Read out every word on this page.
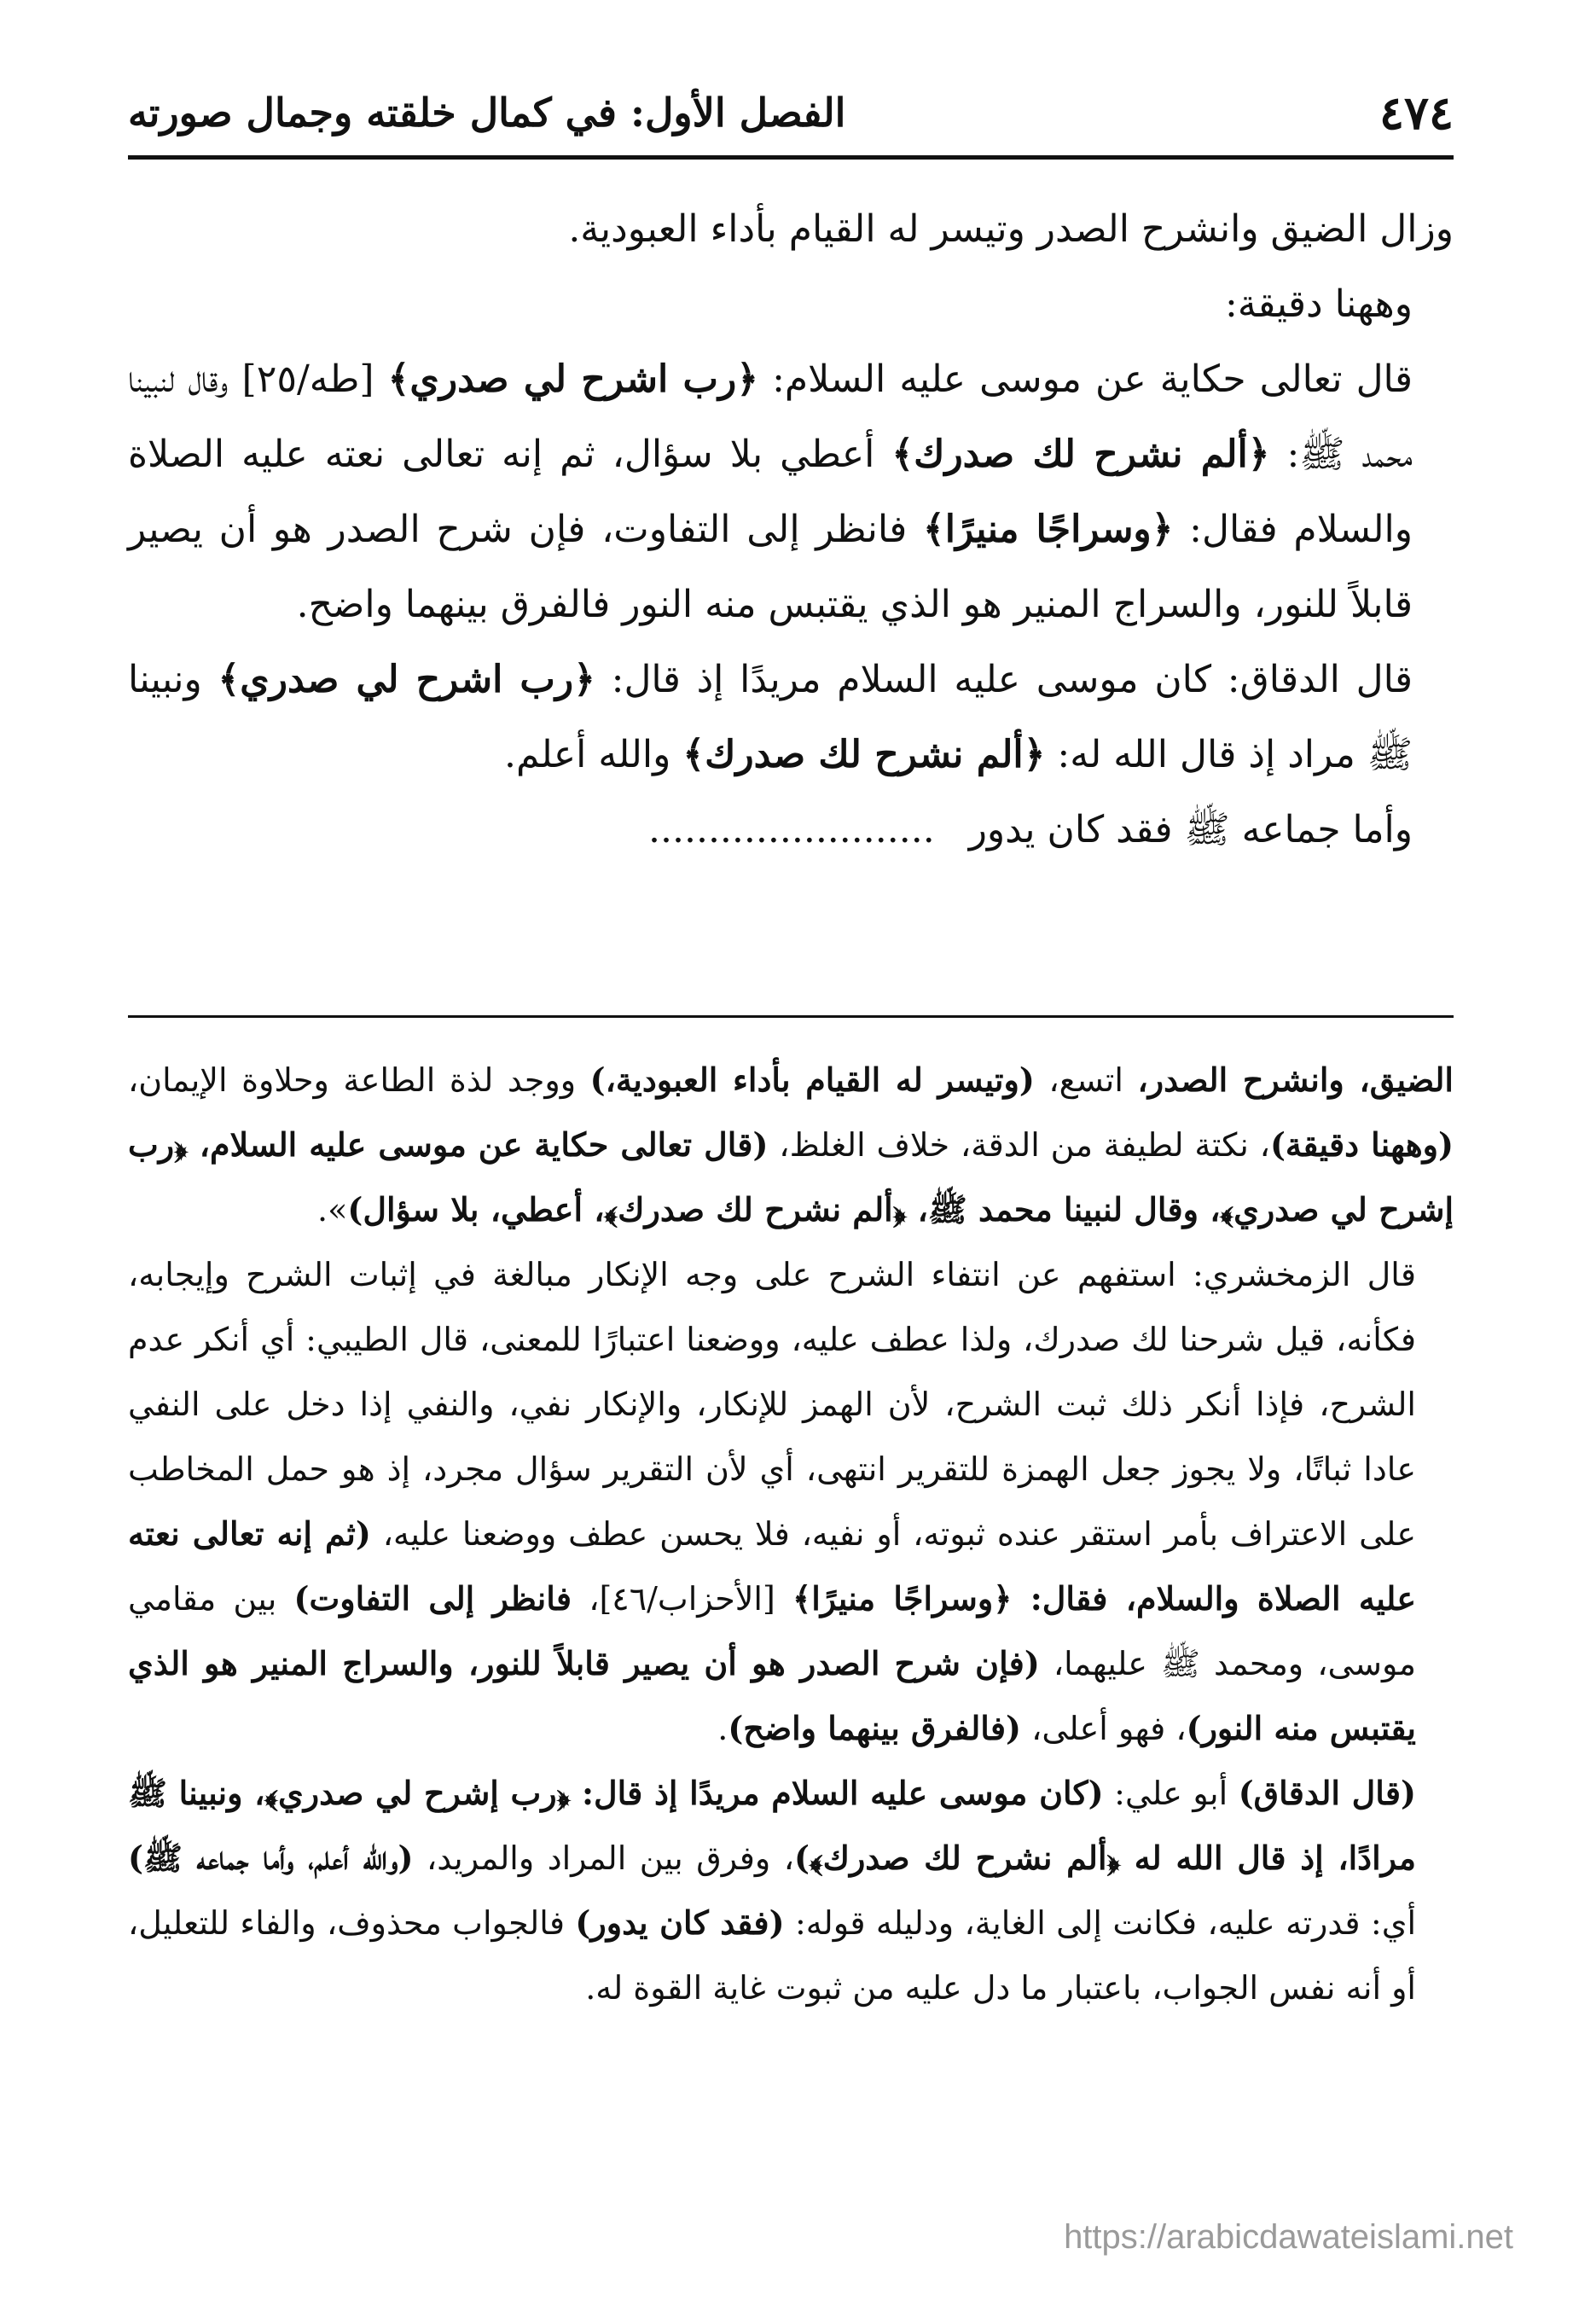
٤٧٤
الفصل الأول: في كمال خلقته وجمال صورته

وزال الضيق وانشرح الصدر وتيسر له القيام بأداء العبودية.

وههنا دقيقة:

قال تعالى حكاية عن موسى عليه السلام: ﴿رب اشرح لي صدري﴾ [طه/٢٥] وقال لنبينا محمد ﷺ: ﴿ألم نشرح لك صدرك﴾ أعطي بلا سؤال، ثم إنه تعالى نعته عليه الصلاة والسلام فقال: ﴿وسراجًا منيرًا﴾ فانظر إلى التفاوت، فإن شرح الصدر هو أن يصير قابلاً للنور، والسراج المنير هو الذي يقتبس منه النور فالفرق بينهما واضح.

قال الدقاق: كان موسى عليه السلام مريدًا إذ قال: ﴿رب اشرح لي صدري﴾ ونبينا ﷺ مراد إذ قال الله له: ﴿ألم نشرح لك صدرك﴾ والله أعلم.

وأما جماعه ﷺ فقد كان يدور........................

الضيق، وانشرح الصدر، اتسع، (وتيسر له القيام بأداء العبودية،) ووجد لذة الطاعة وحلاوة الإيمان، (وههنا دقيقة)، نكتة لطيفة من الدقة، خلاف الغلظ، (قال تعالى حكاية عن موسى عليه السلام، ﴿رب إشرح لي صدري﴾، وقال لنبينا محمد ﷺ، ﴿ألم نشرح لك صدرك﴾، أعطي، بلا سؤال)».

قال الزمخشري: استفهم عن انتفاء الشرح على وجه الإنكار مبالغة في إثبات الشرح وإيجابه، فكأنه، قيل شرحنا لك صدرك، ولذا عطف عليه، ووضعنا اعتبارًا للمعنى، قال الطيبي: أي أنكر عدم الشرح، فإذا أنكر ذلك ثبت الشرح، لأن الهمز للإنكار، والإنكار نفي، والنفي إذا دخل على النفي عادا ثباتًا، ولا يجوز جعل الهمزة للتقرير انتهى، أي لأن التقرير سؤال مجرد، إذ هو حمل المخاطب على الاعتراف بأمر استقر عنده ثبوته، أو نفيه، فلا يحسن عطف ووضعنا عليه، (ثم إنه تعالى نعته عليه الصلاة والسلام، فقال: ﴿وسراجًا منيرًا﴾ [الأحزاب/٤٦]، فانظر إلى التفاوت) بين مقامي موسى، ومحمد ﷺ عليهما، (فإن شرح الصدر هو أن يصير قابلاً للنور، والسراج المنير هو الذي يقتبس منه النور)، فهو أعلى، (فالفرق بينهما واضح).

(قال الدقاق) أبو علي: (كان موسى عليه السلام مريدًا إذ قال: ﴿رب إشرح لي صدري﴾، ونبينا ﷺ مرادًا، إذ قال الله له ﴿ألم نشرح لك صدرك﴾)، وفرق بين المراد والمريد، (والله أعلم، وأما جماعه ﷺ) أي: قدرته عليه، فكانت إلى الغاية، ودليله قوله: (فقد كان يدور) فالجواب محذوف، والفاء للتعليل، أو أنه نفس الجواب، باعتبار ما دل عليه من ثبوت غاية القوة له.

https://arabicdawateislami.net
